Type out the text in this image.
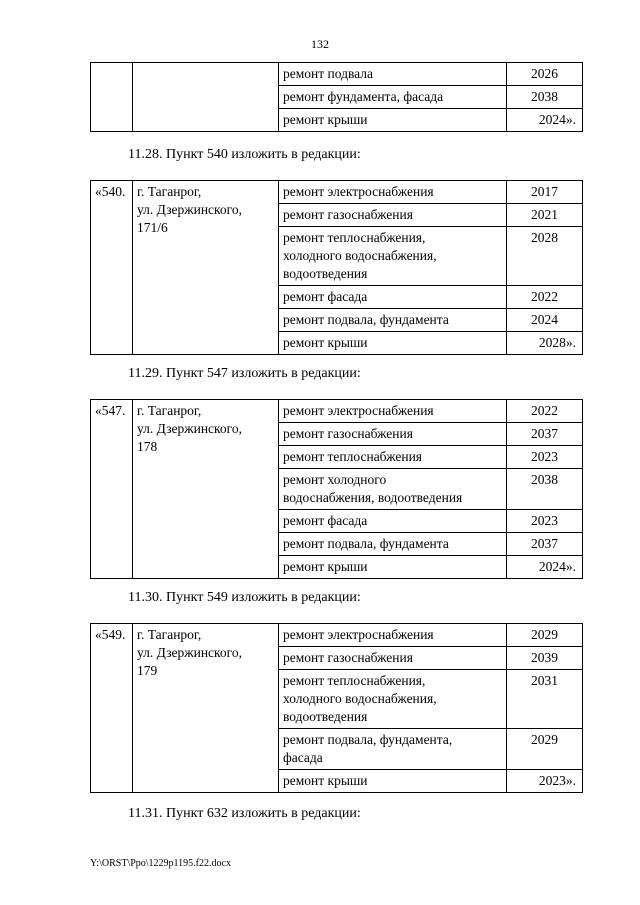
132
		ремонт подвала	2026
		ремонт фундамента, фасада	2038
		ремонт крыши	2024».
11.28. Пункт 540 изложить в редакции:
«540.	г. Таганрог,
ул. Дзержинского,
171/6	ремонт электроснабжения	2017
		ремонт газоснабжения	2021
		ремонт теплоснабжения,
холодного водоснабжения,
водоотведения	2028
		ремонт фасада	2022
		ремонт подвала, фундамента	2024
		ремонт крыши	2028».
11.29. Пункт 547 изложить в редакции:
«547.	г. Таганрог,
ул. Дзержинского,
178	ремонт электроснабжения	2022
		ремонт газоснабжения	2037
		ремонт теплоснабжения	2023
		ремонт холодного
водоснабжения, водоотведения	2038
		ремонт фасада	2023
		ремонт подвала, фундамента	2037
		ремонт крыши	2024».
11.30. Пункт 549 изложить в редакции:
«549.	г. Таганрог,
ул. Дзержинского,
179	ремонт электроснабжения	2029
		ремонт газоснабжения	2039
		ремонт теплоснабжения,
холодного водоснабжения,
водоотведения	2031
		ремонт подвала, фундамента,
фасада	2029
		ремонт крыши	2023».
11.31. Пункт 632 изложить в редакции:
Y:\ORST\Ppo\1229p1195.f22.docx
